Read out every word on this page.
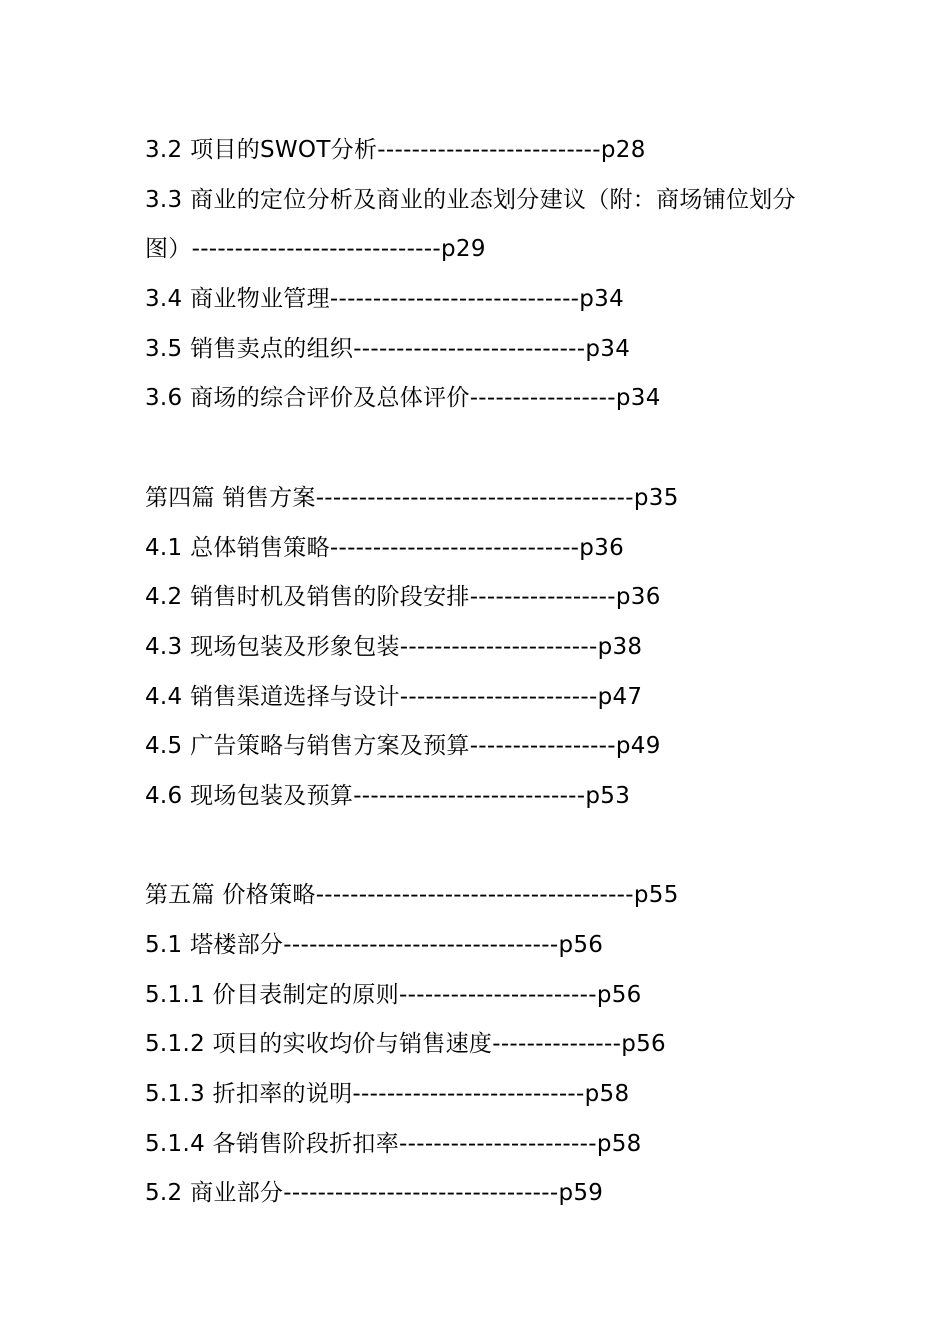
3.2 项目的SWOT分析--------------------------p28
3.3 商业的定位分析及商业的业态划分建议（附：商场铺位划分图）-----------------------------p29
3.4 商业物业管理-----------------------------p34
3.5 销售卖点的组织---------------------------p34
3.6 商场的综合评价及总体评价-----------------p34
第四篇 销售方案-------------------------------------p35
4.1 总体销售策略-----------------------------p36
4.2 销售时机及销售的阶段安排-----------------p36
4.3 现场包装及形象包装-----------------------p38
4.4 销售渠道选择与设计-----------------------p47
4.5 广告策略与销售方案及预算-----------------p49
4.6 现场包装及预算---------------------------p53
第五篇 价格策略-------------------------------------p55
5.1 塔楼部分--------------------------------p56
5.1.1 价目表制定的原则-----------------------p56
5.1.2 项目的实收均价与销售速度---------------p56
5.1.3 折扣率的说明---------------------------p58
5.1.4 各销售阶段折扣率-----------------------p58
5.2 商业部分--------------------------------p59
